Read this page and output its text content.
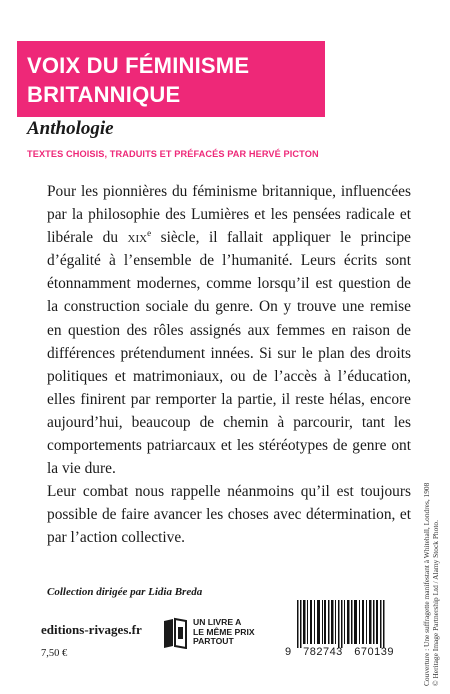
VOIX DU FÉMINISME
BRITANNIQUE
Anthologie
TEXTES CHOISIS, TRADUITS ET PRÉFACÉS PAR HERVÉ PICTON

Pour les pionnières du féminisme britannique, influencées par la philosophie des Lumières et les pensées radicale et libérale du xix$^e$ siècle, il fallait appliquer le principe d’égalité à l’ensemble de l’humanité. Leurs écrits sont étonnamment modernes, comme lorsqu’il est question de la construction sociale du genre. On y trouve une remise en question des rôles assignés aux femmes en raison de différences prétendument innées. Si sur le plan des droits politiques et matrimoniaux, ou de l’accès à l’éducation, elles finirent par remporter la partie, il reste hélas, encore aujourd’hui, beaucoup de chemin à parcourir, tant les comportements patriarcaux et les stéréotypes de genre ont la vie dure.

Leur combat nous rappelle néanmoins qu’il est toujours possible de faire avancer les choses avec détermination, et par l’action collective.

Collection dirigée par Lidia Breda
editions-rivages.fr
7,50 €
UN LIVRE A
LE MÊME PRIX
PARTOUT
9 782743 670139	Couverture : Une suffragette manifestant à Whitehall, Londres, 1908 © Heritage Image Partnership Ltd / Alamy Stock Photo.
